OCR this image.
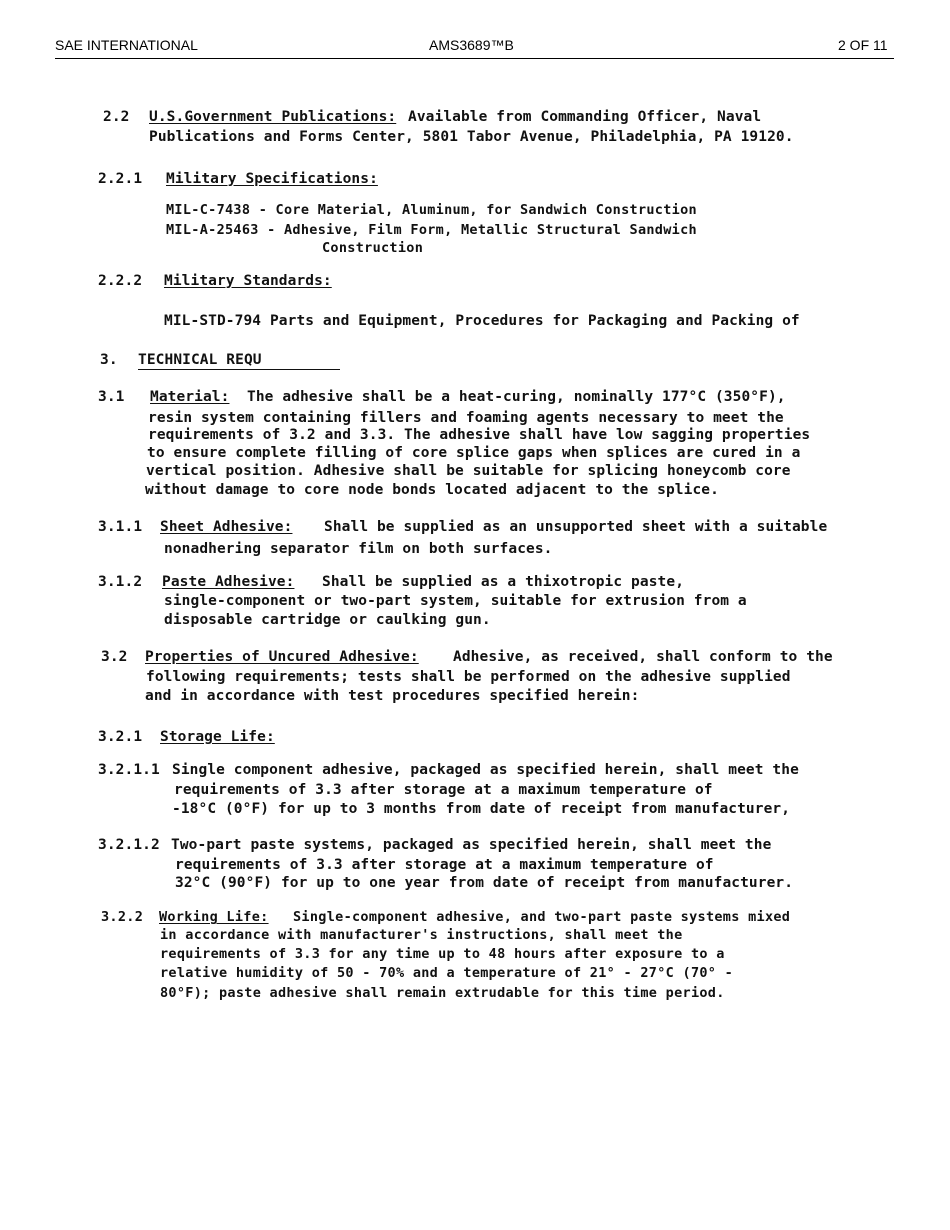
SAE INTERNATIONAL	AMS3689™B	2 OF 11
2.2 U.S.Government Publications: Available from Commanding Officer, Naval
Publications and Forms Center, 5801 Tabor Avenue, Philadelphia, PA 19120.
2.2.1 Military Specifications:
MIL-C-7438 - Core Material, Aluminum, for Sandwich Construction
MIL-A-25463 - Adhesive, Film Form, Metallic Structural Sandwich
Construction
2.2.2 Military Standards:
MIL-STD-794 Parts and Equipment, Procedures for Packaging and Packing of
3. TECHNICAL REQU
3.1 Material: The adhesive shall be a heat-curing, nominally 177°C (350°F),
resin system containing fillers and foaming agents necessary to meet the
requirements of 3.2 and 3.3. The adhesive shall have low sagging properties
to ensure complete filling of core splice gaps when splices are cured in a
vertical position. Adhesive shall be suitable for splicing honeycomb core
without damage to core node bonds located adjacent to the splice.
3.1.1 Sheet Adhesive: Shall be supplied as an unsupported sheet with a suitable
nonadhering separator film on both surfaces.
3.1.2 Paste Adhesive: Shall be supplied as a thixotropic paste,
single-component or two-part system, suitable for extrusion from a
disposable cartridge or caulking gun.
3.2 Properties of Uncured Adhesive: Adhesive, as received, shall conform to the
following requirements; tests shall be performed on the adhesive supplied
and in accordance with test procedures specified herein:
3.2.1 Storage Life:
3.2.1.1 Single component adhesive, packaged as specified herein, shall meet the
requirements of 3.3 after storage at a maximum temperature of
-18°C (0°F) for up to 3 months from date of receipt from manufacturer,
3.2.1.2 Two-part paste systems, packaged as specified herein, shall meet the
requirements of 3.3 after storage at a maximum temperature of
32°C (90°F) for up to one year from date of receipt from manufacturer.
3.2.2 Working Life: Single-component adhesive, and two-part paste systems mixed
in accordance with manufacturer's instructions, shall meet the
requirements of 3.3 for any time up to 48 hours after exposure to a
relative humidity of 50 - 70% and a temperature of 21° - 27°C (70° -
80°F); paste adhesive shall remain extrudable for this time period.
